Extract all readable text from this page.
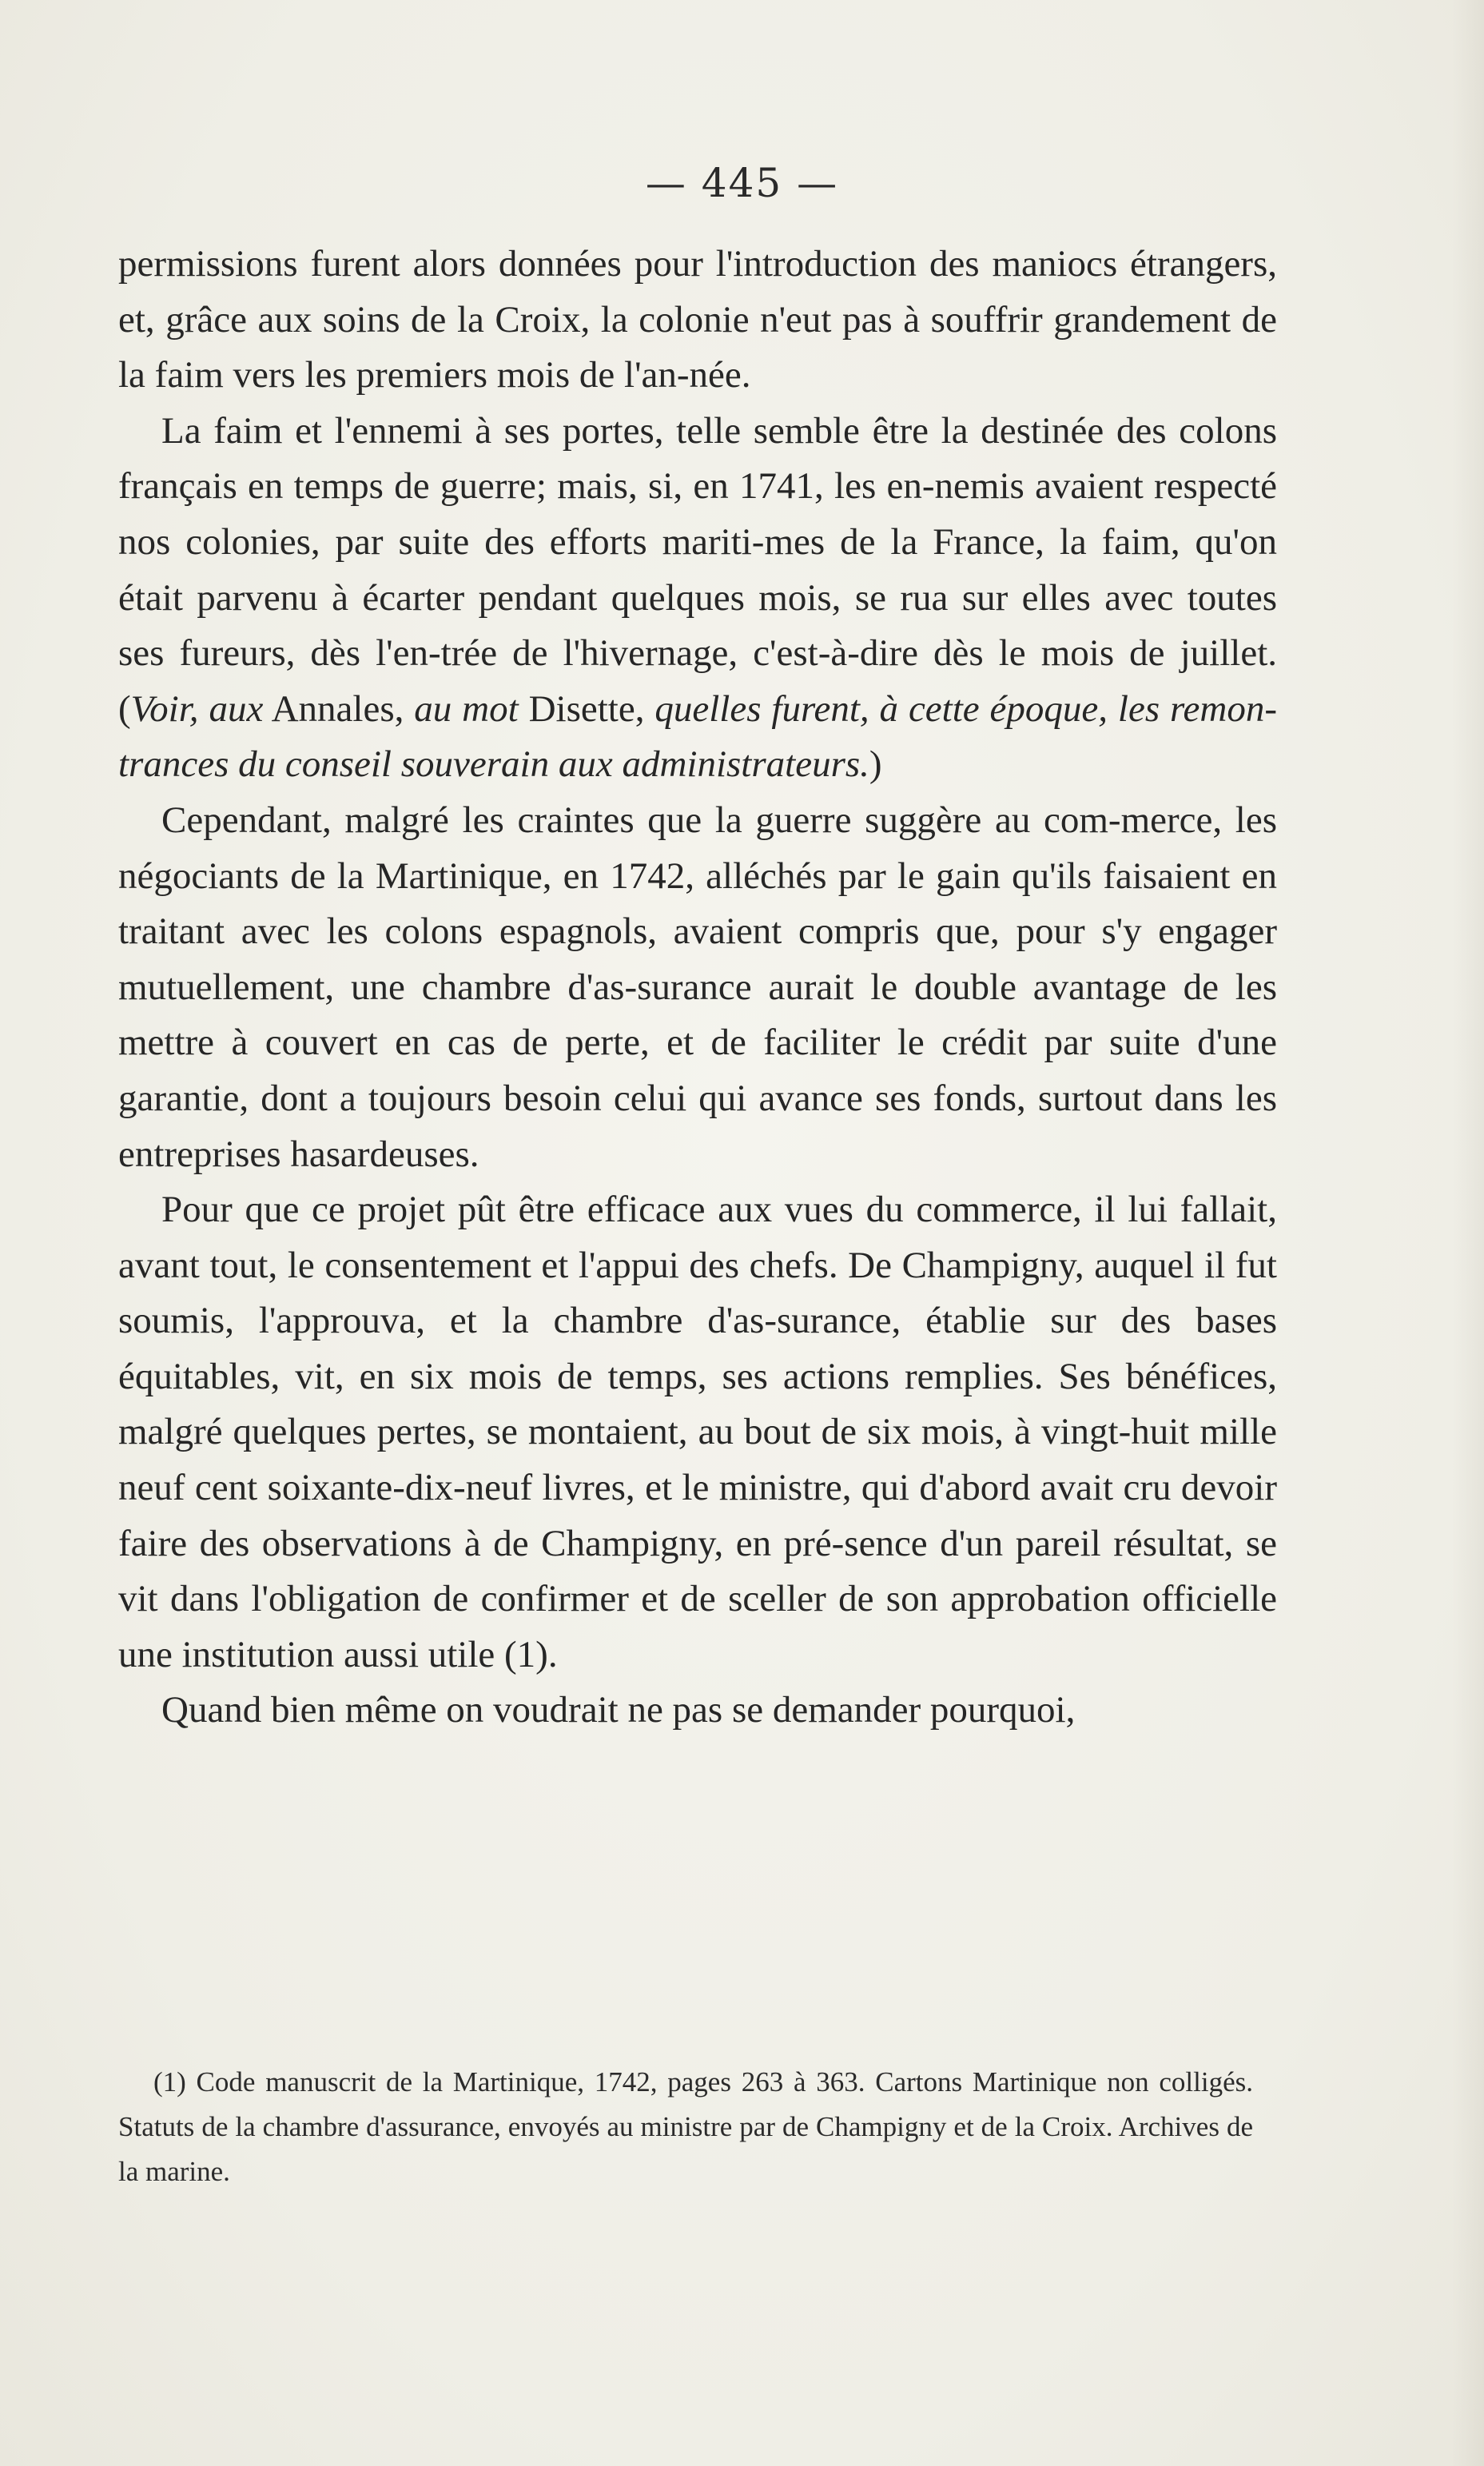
— 445 —

permissions furent alors données pour l'introduction des maniocs étrangers, et, grâce aux soins de la Croix, la colonie n'eut pas à souffrir grandement de la faim vers les premiers mois de l'an-née.

La faim et l'ennemi à ses portes, telle semble être la destinée des colons français en temps de guerre; mais, si, en 1741, les en-nemis avaient respecté nos colonies, par suite des efforts mariti-mes de la France, la faim, qu'on était parvenu à écarter pendant quelques mois, se rua sur elles avec toutes ses fureurs, dès l'en-trée de l'hivernage, c'est-à-dire dès le mois de juillet. (Voir, aux Annales, au mot Disette, quelles furent, à cette époque, les remon-trances du conseil souverain aux administrateurs.)

Cependant, malgré les craintes que la guerre suggère au com-merce, les négociants de la Martinique, en 1742, alléchés par le gain qu'ils faisaient en traitant avec les colons espagnols, avaient compris que, pour s'y engager mutuellement, une chambre d'as-surance aurait le double avantage de les mettre à couvert en cas de perte, et de faciliter le crédit par suite d'une garantie, dont a toujours besoin celui qui avance ses fonds, surtout dans les entreprises hasardeuses.

Pour que ce projet pût être efficace aux vues du commerce, il lui fallait, avant tout, le consentement et l'appui des chefs. De Champigny, auquel il fut soumis, l'approuva, et la chambre d'as-surance, établie sur des bases équitables, vit, en six mois de temps, ses actions remplies. Ses bénéfices, malgré quelques pertes, se montaient, au bout de six mois, à vingt-huit mille neuf cent soixante-dix-neuf livres, et le ministre, qui d'abord avait cru devoir faire des observations à de Champigny, en pré-sence d'un pareil résultat, se vit dans l'obligation de confirmer et de sceller de son approbation officielle une institution aussi utile (1).

Quand bien même on voudrait ne pas se demander pourquoi,

(1) Code manuscrit de la Martinique, 1742, pages 263 à 363. Cartons Martinique non colligés. Statuts de la chambre d'assurance, envoyés au ministre par de Champigny et de la Croix. Archives de la marine.
